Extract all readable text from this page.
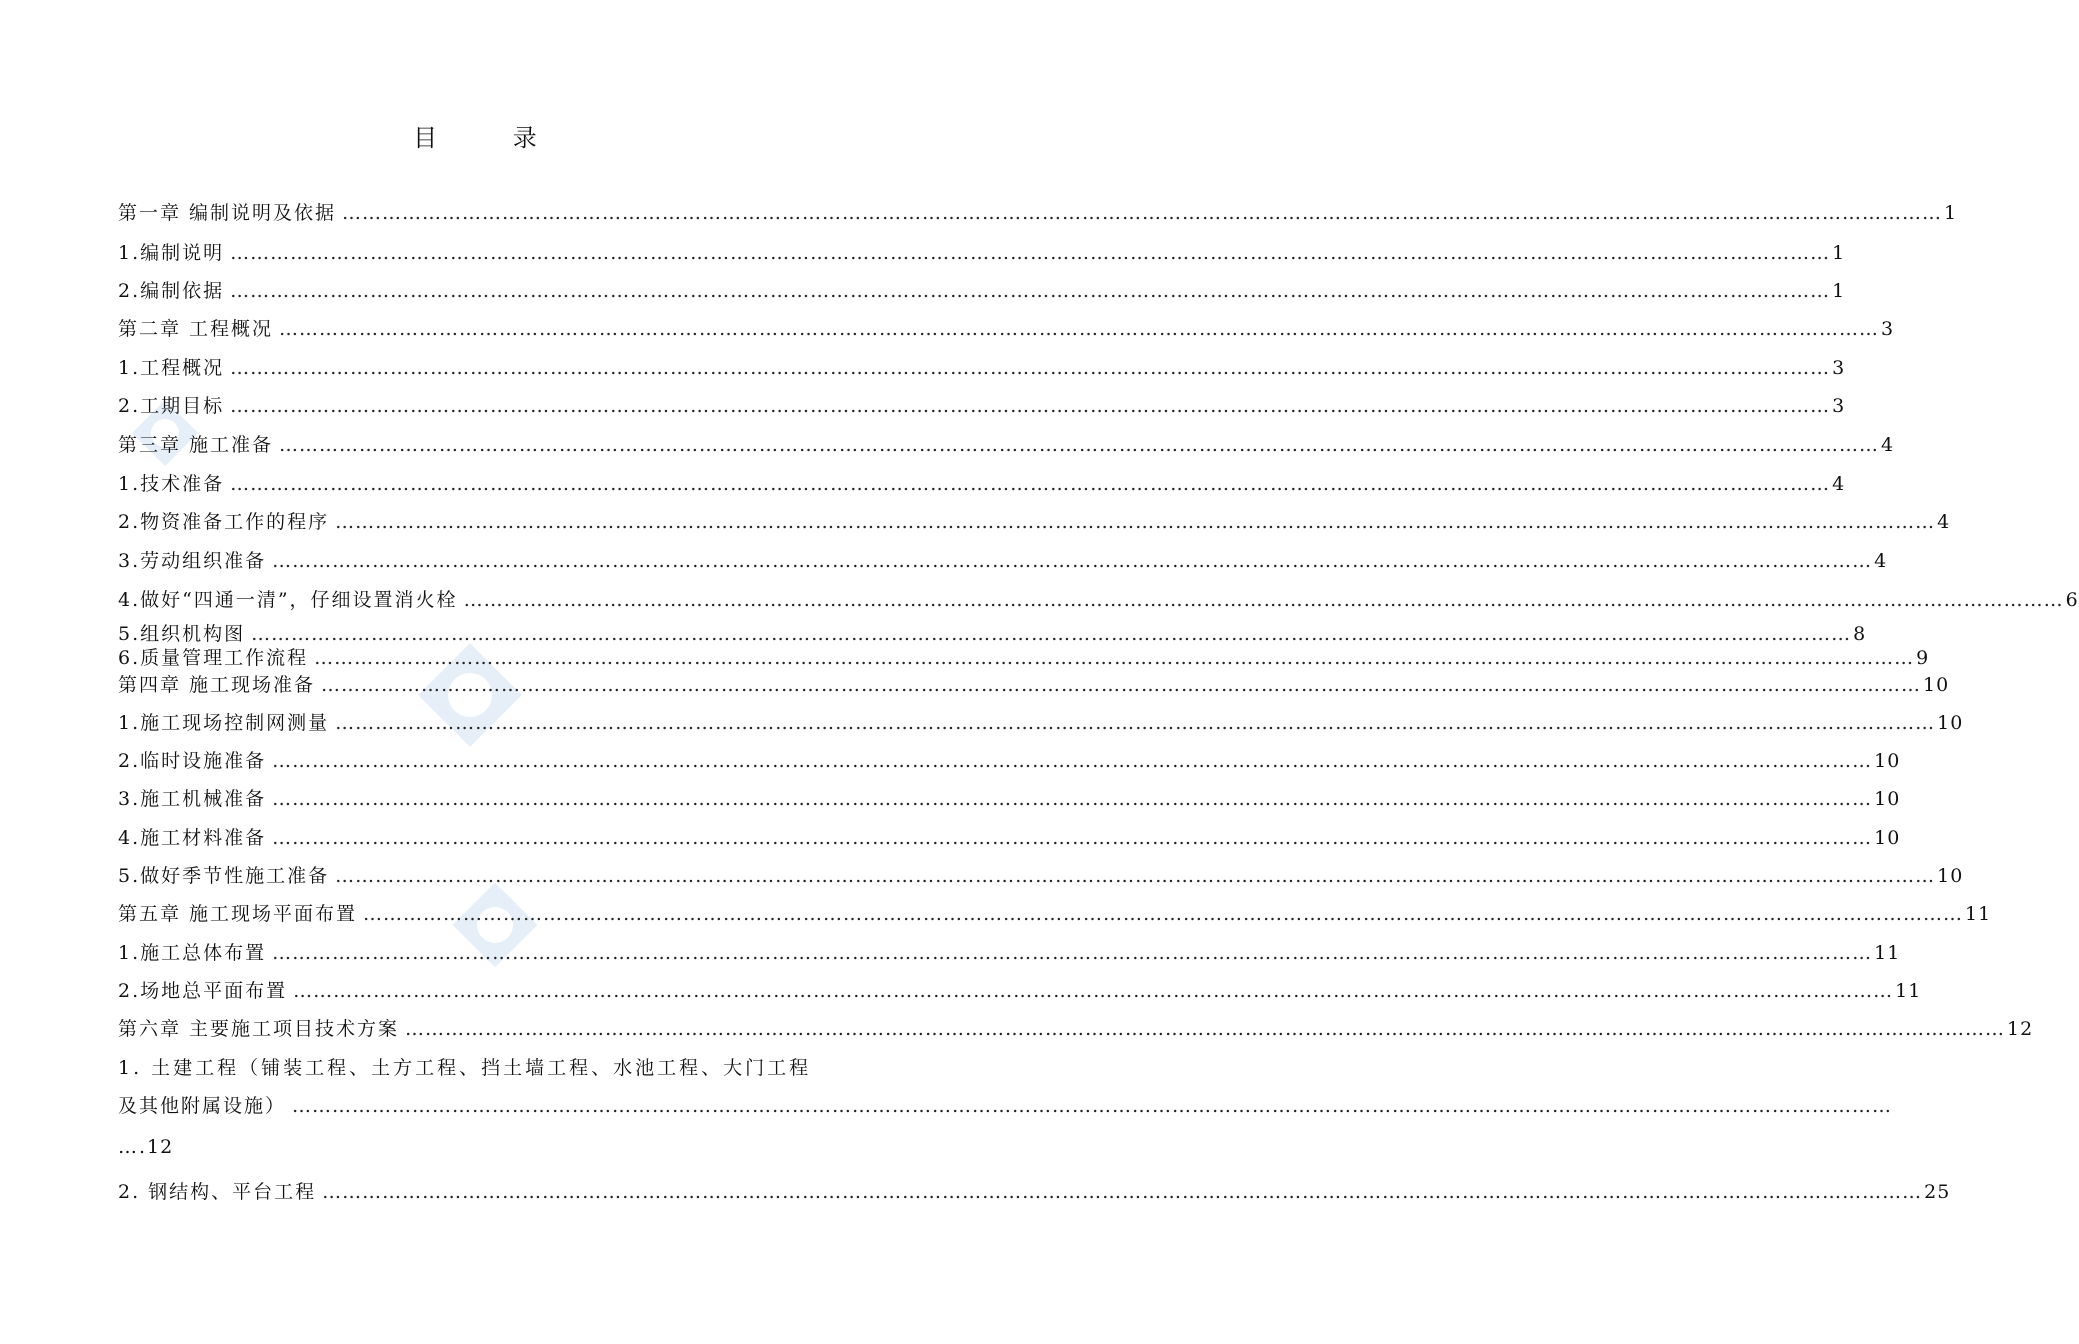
目 录
第一章 编制说明及依据 …………………………………………………………………………………………………………………………………………………………………………………………………………………… 1
1.编制说明 …………………………………………………………………………………………………………………………………………………………………………………………………………………… 1
2.编制依据 …………………………………………………………………………………………………………………………………………………………………………………………………………………… 1
第二章 工程概况 …………………………………………………………………………………………………………………………………………………………………………………………………………………… 3
1.工程概况 …………………………………………………………………………………………………………………………………………………………………………………………………………………… 3
2.工期目标 …………………………………………………………………………………………………………………………………………………………………………………………………………………… 3
第三章 施工准备 …………………………………………………………………………………………………………………………………………………………………………………………………………………… 4
1.技术准备 …………………………………………………………………………………………………………………………………………………………………………………………………………………… 4
2.物资准备工作的程序 …………………………………………………………………………………………………………………………………………………………………………………………………………………… 4
3.劳动组织准备 …………………………………………………………………………………………………………………………………………………………………………………………………………………… 4
4.做好“四通一清”，仔细设置消火栓 …………………………………………………………………………………………………………………………………………………………………………………………………………………… 6
5.组织机构图 …………………………………………………………………………………………………………………………………………………………………………………………………………………… 8
6.质量管理工作流程 …………………………………………………………………………………………………………………………………………………………………………………………………………………… 9
第四章 施工现场准备 …………………………………………………………………………………………………………………………………………………………………………………………………………………… 10
1.施工现场控制网测量 …………………………………………………………………………………………………………………………………………………………………………………………………………………… 10
2.临时设施准备 …………………………………………………………………………………………………………………………………………………………………………………………………………………… 10
3.施工机械准备 …………………………………………………………………………………………………………………………………………………………………………………………………………………… 10
4.施工材料准备 …………………………………………………………………………………………………………………………………………………………………………………………………………………… 10
5.做好季节性施工准备 …………………………………………………………………………………………………………………………………………………………………………………………………………………… 10
第五章 施工现场平面布置 …………………………………………………………………………………………………………………………………………………………………………………………………………………… 11
1.施工总体布置 …………………………………………………………………………………………………………………………………………………………………………………………………………………… 11
2.场地总平面布置 …………………………………………………………………………………………………………………………………………………………………………………………………………………… 11
第六章 主要施工项目技术方案 …………………………………………………………………………………………………………………………………………………………………………………………………………………… 12
1. 土建工程（铺装工程、土方工程、挡土墙工程、水池工程、大门工程
及其他附属设施） ……………………………………………………………………………………………………………………………………………………………………………………………………………………
…. 12
2. 钢结构、平台工程 …………………………………………………………………………………………………………………………………………………………………………………………………………………… 25
